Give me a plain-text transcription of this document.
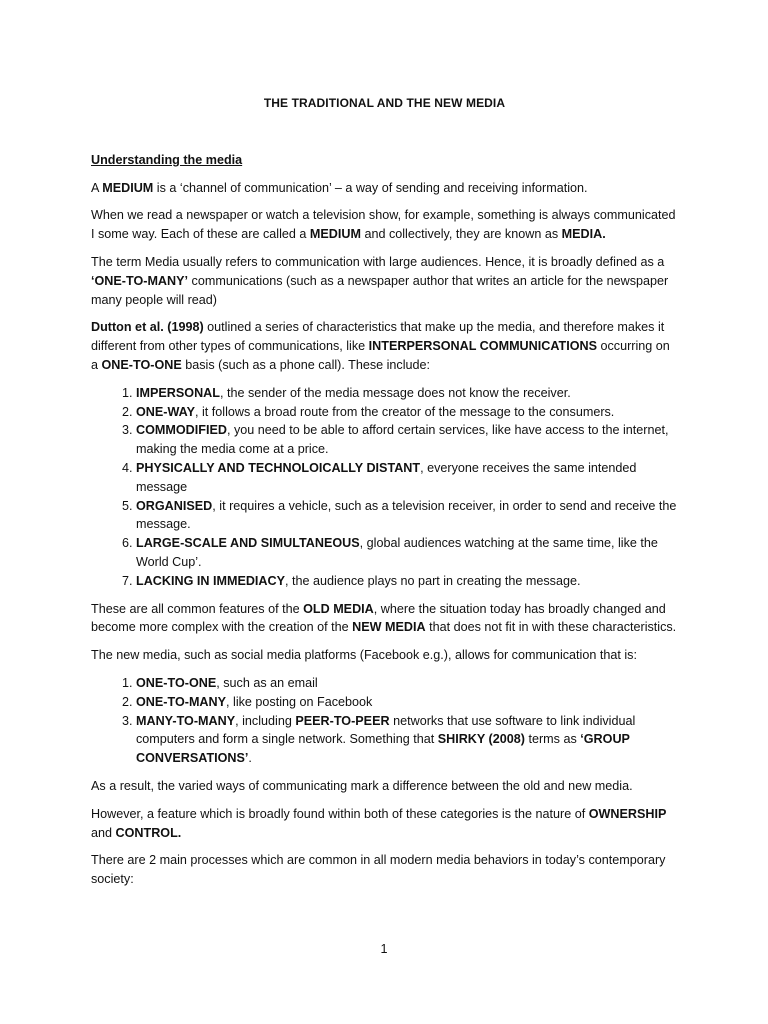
THE TRADITIONAL AND THE NEW MEDIA
Understanding the media

A MEDIUM is a ‘channel of communication’ – a way of sending and receiving information.

When we read a newspaper or watch a television show, for example, something is always communicated I some way. Each of these are called a MEDIUM and collectively, they are known as MEDIA.

The term Media usually refers to communication with large audiences. Hence, it is broadly defined as a ‘ONE-TO-MANY’ communications (such as a newspaper author that writes an article for the newspaper many people will read)

Dutton et al. (1998) outlined a series of characteristics that make up the media, and therefore makes it different from other types of communications, like INTERPERSONAL COMMUNICATIONS occurring on a ONE-TO-ONE basis (such as a phone call). These include:

1. IMPERSONAL, the sender of the media message does not know the receiver.
2. ONE-WAY, it follows a broad route from the creator of the message to the consumers.
3. COMMODIFIED, you need to be able to afford certain services, like have access to the internet, making the media come at a price.
4. PHYSICALLY AND TECHNOLOICALLY DISTANT, everyone receives the same intended message
5. ORGANISED, it requires a vehicle, such as a television receiver, in order to send and receive the message.
6. LARGE-SCALE AND SIMULTANEOUS, global audiences watching at the same time, like the World Cup’.
7. LACKING IN IMMEDIACY, the audience plays no part in creating the message.

These are all common features of the OLD MEDIA, where the situation today has broadly changed and become more complex with the creation of the NEW MEDIA that does not fit in with these characteristics.

The new media, such as social media platforms (Facebook e.g.), allows for communication that is:

1. ONE-TO-ONE, such as an email
2. ONE-TO-MANY, like posting on Facebook
3. MANY-TO-MANY, including PEER-TO-PEER networks that use software to link individual computers and form a single network. Something that SHIRKY (2008) terms as ‘GROUP CONVERSATIONS’.

As a result, the varied ways of communicating mark a difference between the old and new media.

However, a feature which is broadly found within both of these categories is the nature of OWNERSHIP and CONTROL.

There are 2 main processes which are common in all modern media behaviors in today’s contemporary society:

1
